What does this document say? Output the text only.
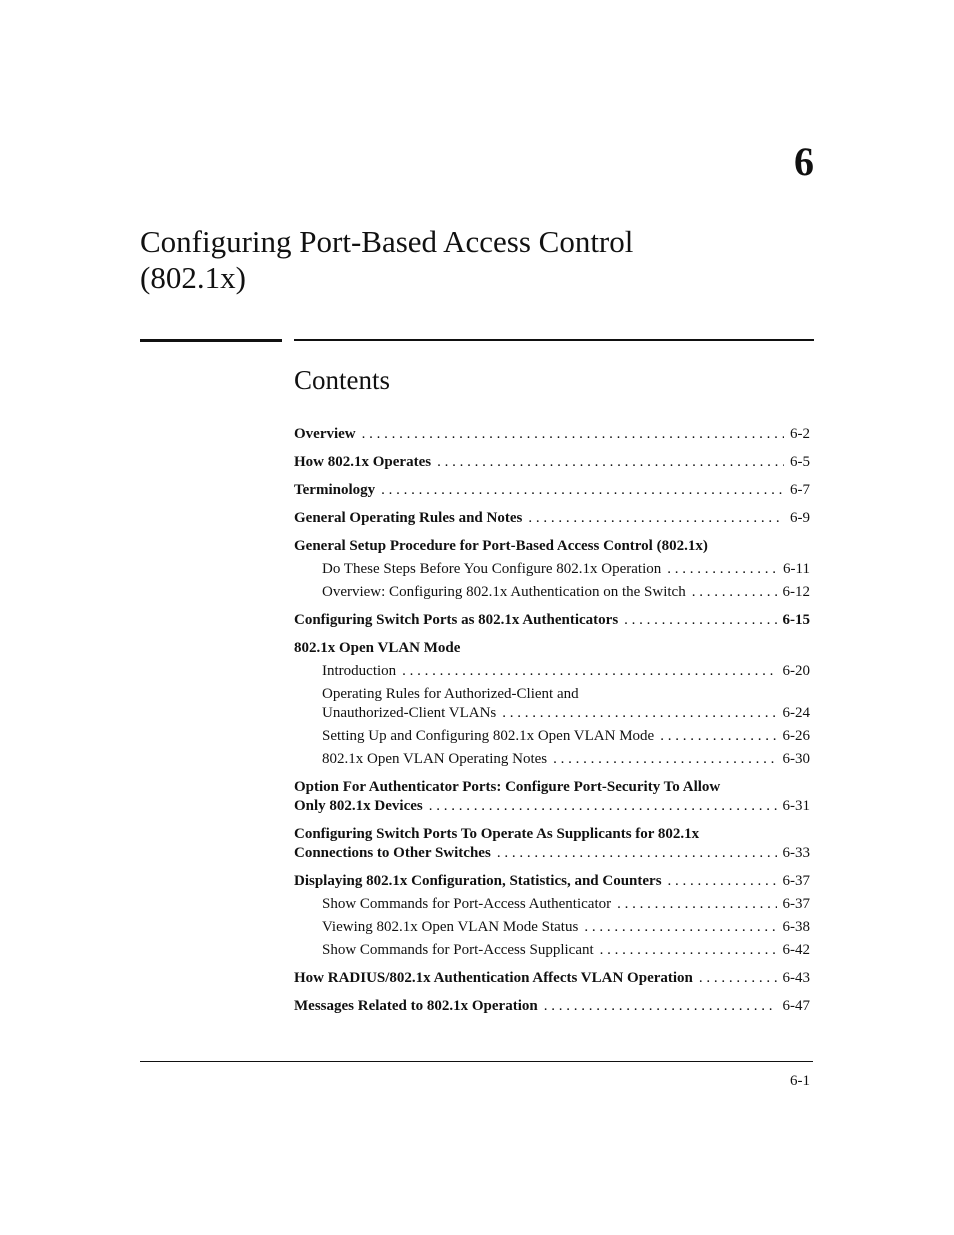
6
Configuring Port-Based Access Control
(802.1x)
Contents
Overview . . .	6-2
How 802.1x Operates . . .	6-5
Terminology . . .	6-7
General Operating Rules and Notes . . .	6-9
General Setup Procedure for Port-Based Access Control (802.1x)
Do These Steps Before You Configure 802.1x Operation . . .	6-11
Overview: Configuring 802.1x Authentication on the Switch . . .	6-12
Configuring Switch Ports as 802.1x Authenticators . . .	6-15
802.1x Open VLAN Mode
Introduction . . .	6-20
Operating Rules for Authorized-Client and
Unauthorized-Client VLANs . . .	6-24
Setting Up and Configuring 802.1x Open VLAN Mode . . .	6-26
802.1x Open VLAN Operating Notes . . .	6-30
Option For Authenticator Ports: Configure Port-Security To Allow
Only 802.1x Devices . . .	6-31
Configuring Switch Ports To Operate As Supplicants for 802.1x
Connections to Other Switches . . .	6-33
Displaying 802.1x Configuration, Statistics, and Counters . . .	6-37
Show Commands for Port-Access Authenticator . . .	6-37
Viewing 802.1x Open VLAN Mode Status . . .	6-38
Show Commands for Port-Access Supplicant . . .	6-42
How RADIUS/802.1x Authentication Affects VLAN Operation . . .	6-43
Messages Related to 802.1x Operation . . .	6-47
6-1
